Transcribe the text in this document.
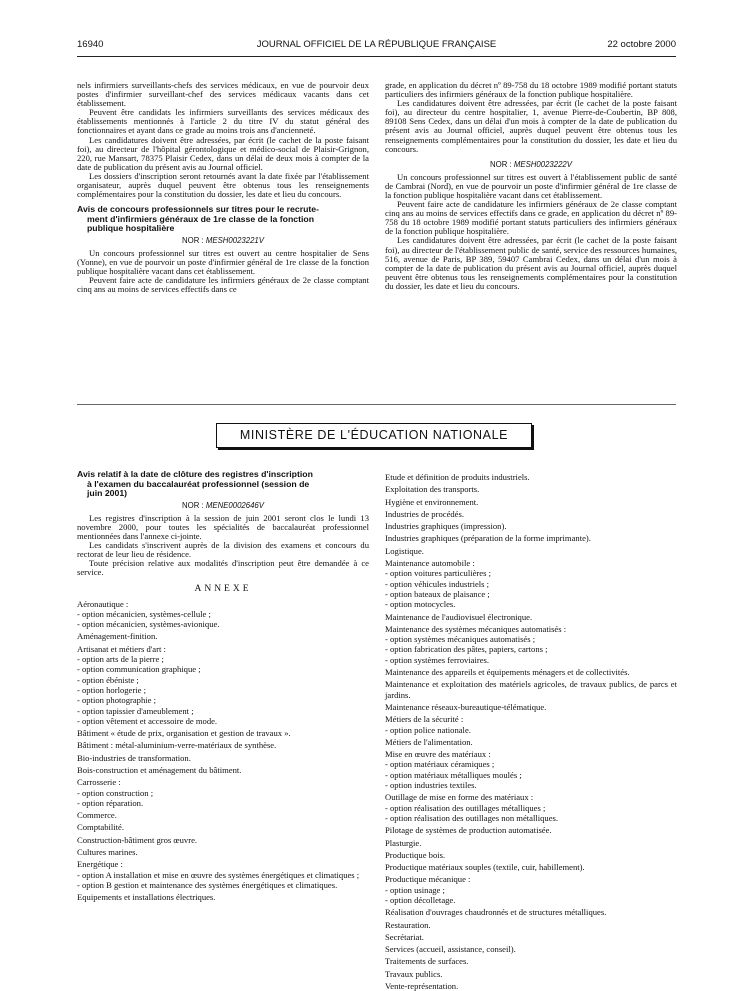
16940	JOURNAL OFFICIEL DE LA RÉPUBLIQUE FRANÇAISE	22 octobre 2000

nels infirmiers surveillants-chefs des services médicaux, en vue de pourvoir deux postes d'infirmier surveillant-chef des services médicaux vacants dans cet établissement.

Peuvent être candidats les infirmiers surveillants des services médicaux des établissements mentionnés à l'article 2 du titre IV du statut général des fonctionnaires et ayant dans ce grade au moins trois ans d'ancienneté.

Les candidatures doivent être adressées, par écrit (le cachet de la poste faisant foi), au directeur de l'hôpital gérontologique et médico-social de Plaisir-Grignon, 220, rue Mansart, 78375 Plaisir Cedex, dans un délai de deux mois à compter de la date de publication du présent avis au Journal officiel.

Les dossiers d'inscription seront retournés avant la date fixée par l'établissement organisateur, auprès duquel peuvent être obtenus tous les renseignements complémentaires pour la constitution du dossier, les date et lieu du concours.

Avis de concours professionnels sur titres pour le recrute-
ment d'infirmiers généraux de 1re classe de la fonction
publique hospitalière
NOR : MESH0023221V

Un concours professionnel sur titres est ouvert au centre hospitalier de Sens (Yonne), en vue de pourvoir un poste d'infirmier général de 1re classe de la fonction publique hospitalière vacant dans cet établissement.

Peuvent faire acte de candidature les infirmiers généraux de 2e classe comptant cinq ans au moins de services effectifs dans ce

grade, en application du décret nº 89-758 du 18 octobre 1989 modifié portant statuts particuliers des infirmiers généraux de la fonction publique hospitalière.

Les candidatures doivent être adressées, par écrit (le cachet de la poste faisant foi), au directeur du centre hospitalier, 1, avenue Pierre-de-Coubertin, BP 808, 89108 Sens Cedex, dans un délai d'un mois à compter de la date de publication du présent avis au Journal officiel, auprès duquel peuvent être obtenus tous les renseignements complémentaires pour la constitution du dossier, les date et lieu du concours.

NOR : MESH0023222V

Un concours professionnel sur titres est ouvert à l'établissement public de santé de Cambrai (Nord), en vue de pourvoir un poste d'infirmier général de 1re classe de la fonction publique hospitalière vacant dans cet établissement.

Peuvent faire acte de candidature les infirmiers généraux de 2e classe comptant cinq ans au moins de services effectifs dans ce grade, en application du décret nº 89-758 du 18 octobre 1989 modifié portant statuts particuliers des infirmiers généraux de la fonction publique hospitalière.

Les candidatures doivent être adressées, par écrit (le cachet de la poste faisant foi), au directeur de l'établissement public de santé, service des ressources humaines, 516, avenue de Paris, BP 389, 59407 Cambrai Cedex, dans un délai d'un mois à compter de la date de publication du présent avis au Journal officiel, auprès duquel peuvent être obtenus tous les renseignements complémentaires pour la constitution du dossier, les date et lieu du concours.

MINISTÈRE DE L'ÉDUCATION NATIONALE
Avis relatif à la date de clôture des registres d'inscription
à l'examen du baccalauréat professionnel (session de
juin 2001)
NOR : MENE0002646V

Les registres d'inscription à la session de juin 2001 seront clos le lundi 13 novembre 2000, pour toutes les spécialités de baccalauréat professionnel mentionnées dans l'annexe ci-jointe.

Les candidats s'inscrivent auprès de la division des examens et concours du rectorat de leur lieu de résidence.

Toute précision relative aux modalités d'inscription peut être demandée à ce service.

ANNEXE
Aéronautique :
- option mécanicien, systèmes-cellule ;
- option mécanicien, systèmes-avionique.
Aménagement-finition.
Artisanat et métiers d'art :
- option arts de la pierre ;
- option communication graphique ;
- option ébéniste ;
- option horlogerie ;
- option photographie ;
- option tapissier d'ameublement ;
- option vêtement et accessoire de mode.
Bâtiment « étude de prix, organisation et gestion de travaux ».
Bâtiment : métal-aluminium-verre-matériaux de synthèse.
Bio-industries de transformation.
Bois-construction et aménagement du bâtiment.
Carrosserie :
- option construction ;
- option réparation.
Commerce.
Comptabilité.
Construction-bâtiment gros œuvre.
Cultures marines.
Energétique :
- option A installation et mise en œuvre des systèmes énergétiques et climatiques ;
- option B gestion et maintenance des systèmes énergétiques et climatiques.
Equipements et installations électriques.
Etude et définition de produits industriels.
Exploitation des transports.
Hygiène et environnement.
Industries de procédés.
Industries graphiques (impression).
Industries graphiques (préparation de la forme imprimante).
Logistique.
Maintenance automobile :
- option voitures particulières ;
- option véhicules industriels ;
- option bateaux de plaisance ;
- option motocycles.
Maintenance de l'audiovisuel électronique.
Maintenance des systèmes mécaniques automatisés :
- option systèmes mécaniques automatisés ;
- option fabrication des pâtes, papiers, cartons ;
- option systèmes ferroviaires.
Maintenance des appareils et équipements ménagers et de collectivités.
Maintenance et exploitation des matériels agricoles, de travaux publics, de parcs et jardins.
Maintenance réseaux-bureautique-télématique.
Métiers de la sécurité :
- option police nationale.
Métiers de l'alimentation.
Mise en œuvre des matériaux :
- option matériaux céramiques ;
- option matériaux métalliques moulés ;
- option industries textiles.
Outillage de mise en forme des matériaux :
- option réalisation des outillages métalliques ;
- option réalisation des outillages non métalliques.
Pilotage de systèmes de production automatisée.
Plasturgie.
Productique bois.
Productique matériaux souples (textile, cuir, habillement).
Productique mécanique :
- option usinage ;
- option décolletage.
Réalisation d'ouvrages chaudronnés et de structures métalliques.
Restauration.
Secrétariat.
Services (accueil, assistance, conseil).
Traitements de surfaces.
Travaux publics.
Vente-représentation.
